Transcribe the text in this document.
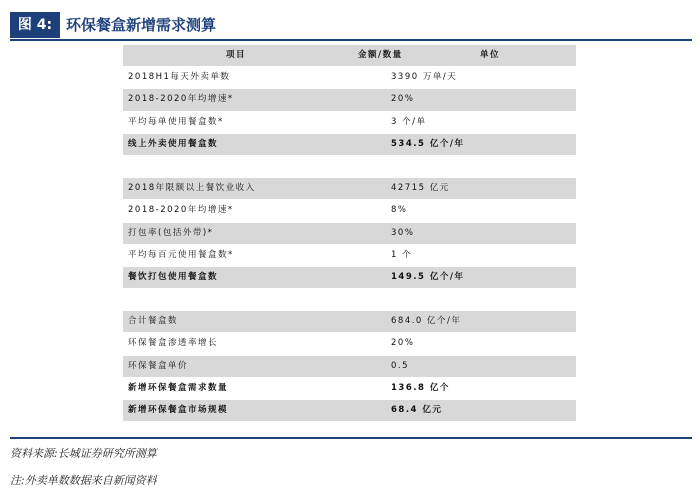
图 4: 环保餐盒新增需求测算
项目	金额/数量	单位
2018H1每天外卖单数	3390 万单/天
2018-2020年均增速*	20%
平均每单使用餐盒数*	3 个/单
线上外卖使用餐盒数	534.5 亿个/年
2018年限额以上餐饮业收入	42715 亿元
2018-2020年均增速*	8%
打包率(包括外带)*	30%
平均每百元使用餐盒数*	1 个
餐饮打包使用餐盒数	149.5 亿个/年
合计餐盒数	684.0 亿个/年
环保餐盒渗透率增长	20%
环保餐盒单价	0.5
新增环保餐盒需求数量	136.8 亿个
新增环保餐盒市场规模	68.4 亿元
资料来源:长城证券研究所测算
注:外卖单数数据来自新闻资料
